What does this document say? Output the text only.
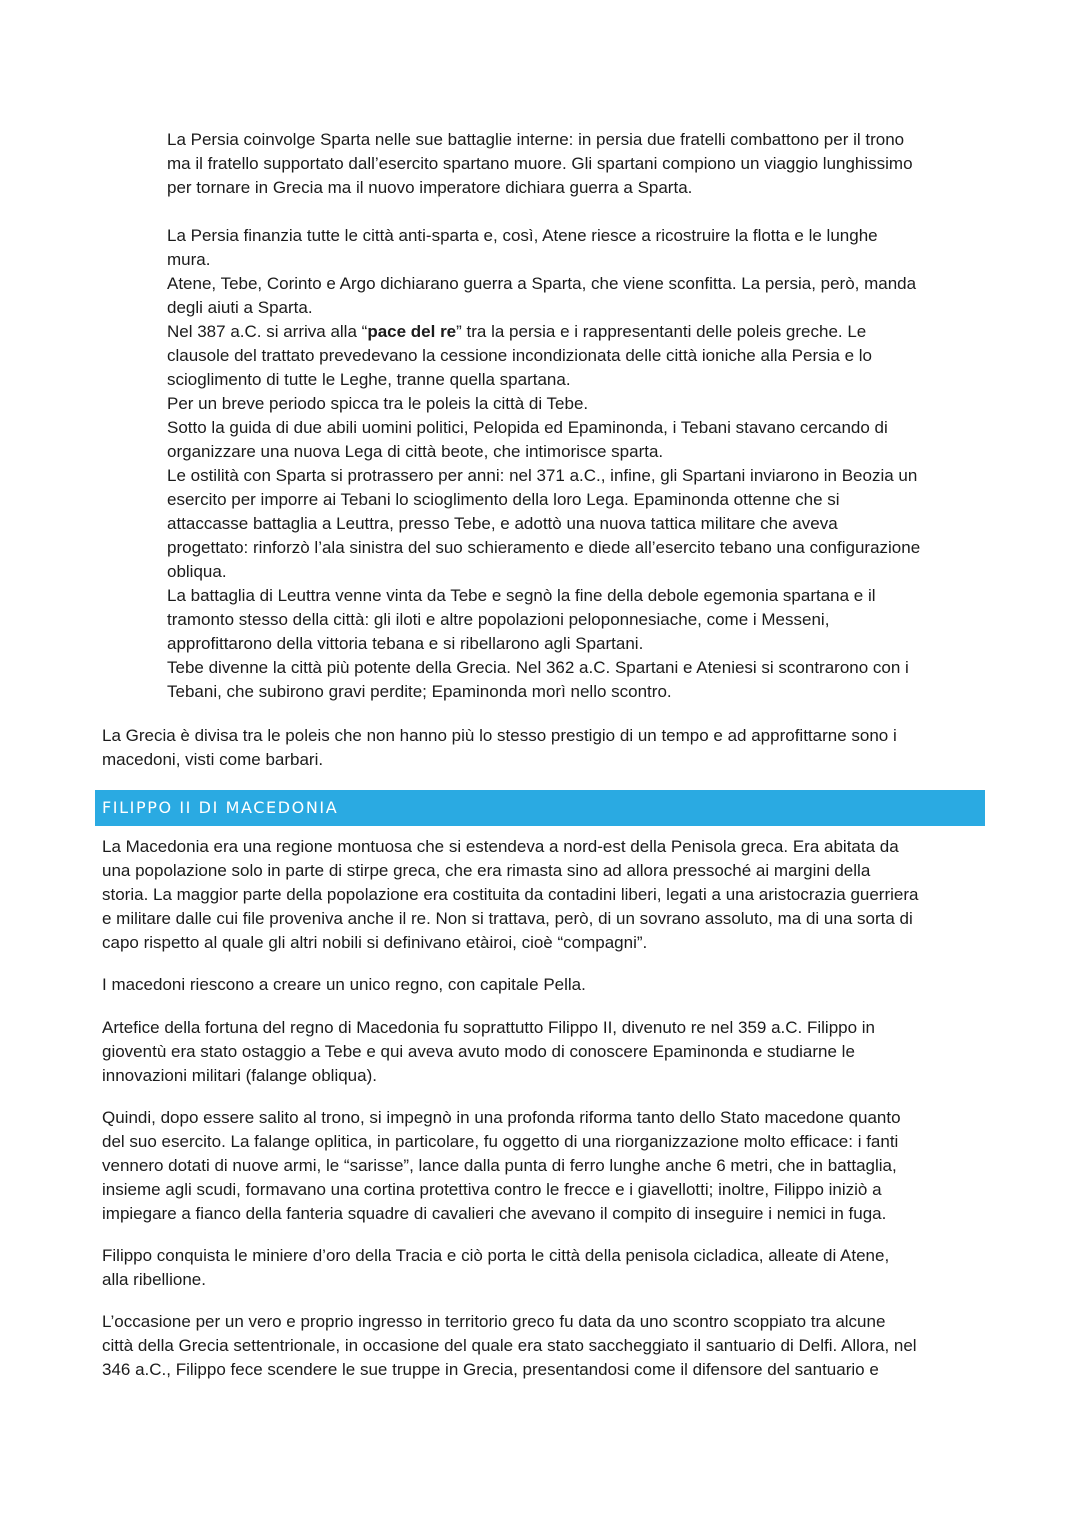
La Persia coinvolge Sparta nelle sue battaglie interne: in persia due fratelli combattono per il trono
ma il fratello supportato dall’esercito spartano muore. Gli spartani compiono un viaggio lunghissimo
per tornare in Grecia ma il nuovo imperatore dichiara guerra a Sparta.

La Persia finanzia tutte le città anti-sparta e, così, Atene riesce a ricostruire la flotta e le lunghe
mura.
Atene, Tebe, Corinto e Argo dichiarano guerra a Sparta, che viene sconfitta. La persia, però, manda
degli aiuti a Sparta.
Nel 387 a.C. si arriva alla “pace del re” tra la persia e i rappresentanti delle poleis greche. Le
clausole del trattato prevedevano la cessione incondizionata delle città ioniche alla Persia e lo
scioglimento di tutte le Leghe, tranne quella spartana.
Per un breve periodo spicca tra le poleis la città di Tebe.
Sotto la guida di due abili uomini politici, Pelopida ed Epaminonda, i Tebani stavano cercando di
organizzare una nuova Lega di città beote, che intimorisce sparta.
Le ostilità con Sparta si protrassero per anni: nel 371 a.C., infine, gli Spartani inviarono in Beozia un
esercito per imporre ai Tebani lo scioglimento della loro Lega. Epaminonda ottenne che si
attaccasse battaglia a Leuttra, presso Tebe, e adottò una nuova tattica militare che aveva
progettato: rinforzò l’ala sinistra del suo schieramento e diede all’esercito tebano una configurazione
obliqua.
La battaglia di Leuttra venne vinta da Tebe e segnò la fine della debole egemonia spartana e il
tramonto stesso della città: gli iloti e altre popolazioni peloponnesiache, come i Messeni,
approfittarono della vittoria tebana e si ribellarono agli Spartani.
Tebe divenne la città più potente della Grecia. Nel 362 a.C. Spartani e Ateniesi si scontrarono con i
Tebani, che subirono gravi perdite; Epaminonda morì nello scontro.

La Grecia è divisa tra le poleis che non hanno più lo stesso prestigio di un tempo e ad approfittarne sono i
macedoni, visti come barbari.

FILIPPO II DI MACEDONIA

La Macedonia era una regione montuosa che si estendeva a nord-est della Penisola greca. Era abitata da
una popolazione solo in parte di stirpe greca, che era rimasta sino ad allora pressoché ai margini della
storia. La maggior parte della popolazione era costituita da contadini liberi, legati a una aristocrazia guerriera
e militare dalle cui file proveniva anche il re. Non si trattava, però, di un sovrano assoluto, ma di una sorta di
capo rispetto al quale gli altri nobili si definivano etàiroi, cioè “compagni”.

I macedoni riescono a creare un unico regno, con capitale Pella.

Artefice della fortuna del regno di Macedonia fu soprattutto Filippo II, divenuto re nel 359 a.C. Filippo in
gioventù era stato ostaggio a Tebe e qui aveva avuto modo di conoscere Epaminonda e studiarne le
innovazioni militari (falange obliqua).

Quindi, dopo essere salito al trono, si impegnò in una profonda riforma tanto dello Stato macedone quanto
del suo esercito. La falange oplitica, in particolare, fu oggetto di una riorganizzazione molto efficace: i fanti
vennero dotati di nuove armi, le “sarisse”, lance dalla punta di ferro lunghe anche 6 metri, che in battaglia,
insieme agli scudi, formavano una cortina protettiva contro le frecce e i giavellotti; inoltre, Filippo iniziò a
impiegare a fianco della fanteria squadre di cavalieri che avevano il compito di inseguire i nemici in fuga.

Filippo conquista le miniere d’oro della Tracia e ciò porta le città della penisola cicladica, alleate di Atene,
alla ribellione.

L’occasione per un vero e proprio ingresso in territorio greco fu data da uno scontro scoppiato tra alcune
città della Grecia settentrionale, in occasione del quale era stato saccheggiato il santuario di Delfi. Allora, nel
346 a.C., Filippo fece scendere le sue truppe in Grecia, presentandosi come il difensore del santuario e
